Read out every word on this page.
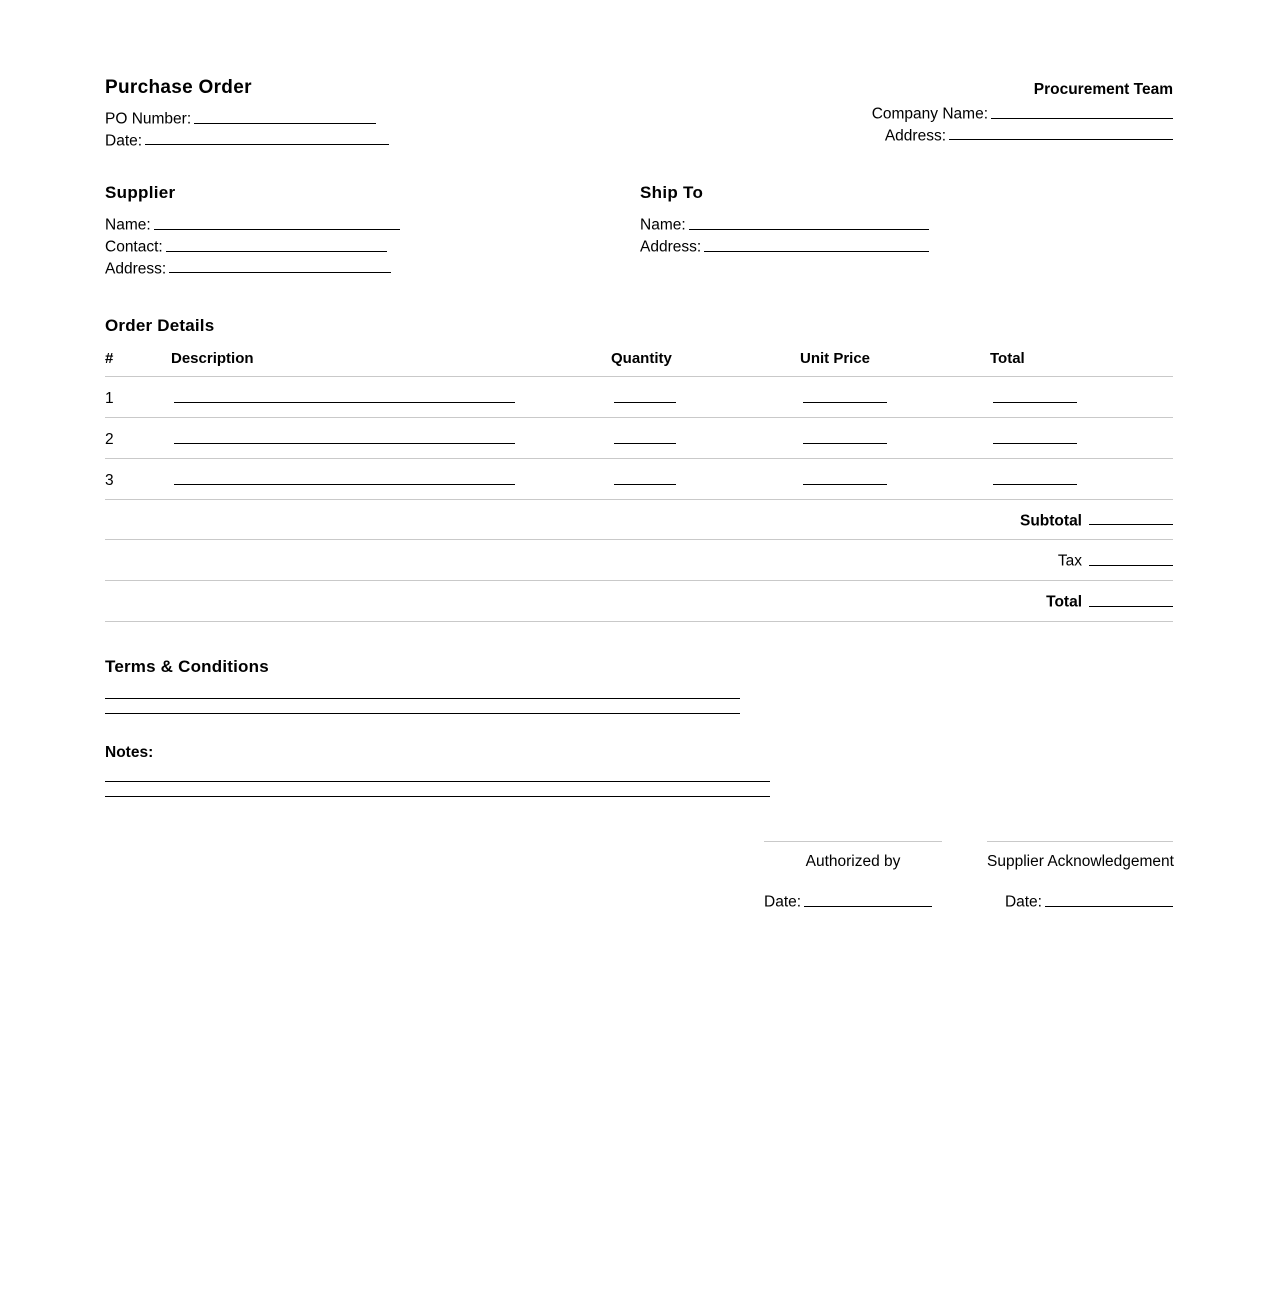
Purchase Order
PO Number:
Date:
Procurement Team
Company Name:
Address:
Supplier
Name:
Contact:
Address:
Ship To
Name:
Address:
Order Details
#	Description	Quantity	Unit Price	Total
1				
2				
3				
Subtotal				
Tax				
Total				
Terms & Conditions
Notes:
Authorized by
Date:
Supplier Acknowledgement
Date:
